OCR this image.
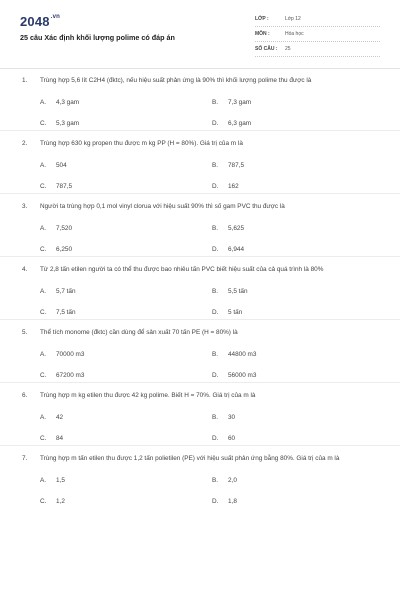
$2048^{.vn}$
25 câu Xác định khối lượng polime có đáp án
LỚP :	Lớp 12
MÔN :	Hóa học
SỐ CÂU : 25
1. Trùng hợp 5,6 lít C2H4 (đktc), nếu hiệu suất phản ứng là 90% thì khối lượng polime thu được là
A. 4,3 gam	B. 7,3 gam
C. 5,3 gam	D. 6,3 gam
2. Trùng hợp 630 kg propen thu được m kg PP (H = 80%). Giá trị của m là
A. 504	B. 787,5
C. 787,5	D. 162
3. Người ta trùng hợp 0,1 mol vinyl clorua với hiệu suất 90% thì số gam PVC thu được là
A. 7,520	B. 5,625
C. 6,250	D. 6,944
4. Từ 2,8 tấn etilen người ta có thể thu được bao nhiêu tấn PVC biết hiệu suất của cả quá trình là 80%
A. 5,7 tấn	B. 5,5 tấn
C. 7,5 tấn	D. 5 tấn
5. Thể tích monome (đktc) cần dùng để sản xuất 70 tấn PE (H = 80%) là
A. 70000 m3	B. 44800 m3
C. 67200 m3	D. 56000 m3
6. Trùng hợp m kg etilen thu được 42 kg polime. Biết H = 70%. Giá trị của m là
A. 42	B. 30
C. 84	D. 60
7. Trùng hợp m tấn etilen thu được 1,2 tấn polietilen (PE) với hiệu suất phản ứng bằng 80%. Giá trị của m là
A. 1,5	B. 2,0
C. 1,2	D. 1,8
